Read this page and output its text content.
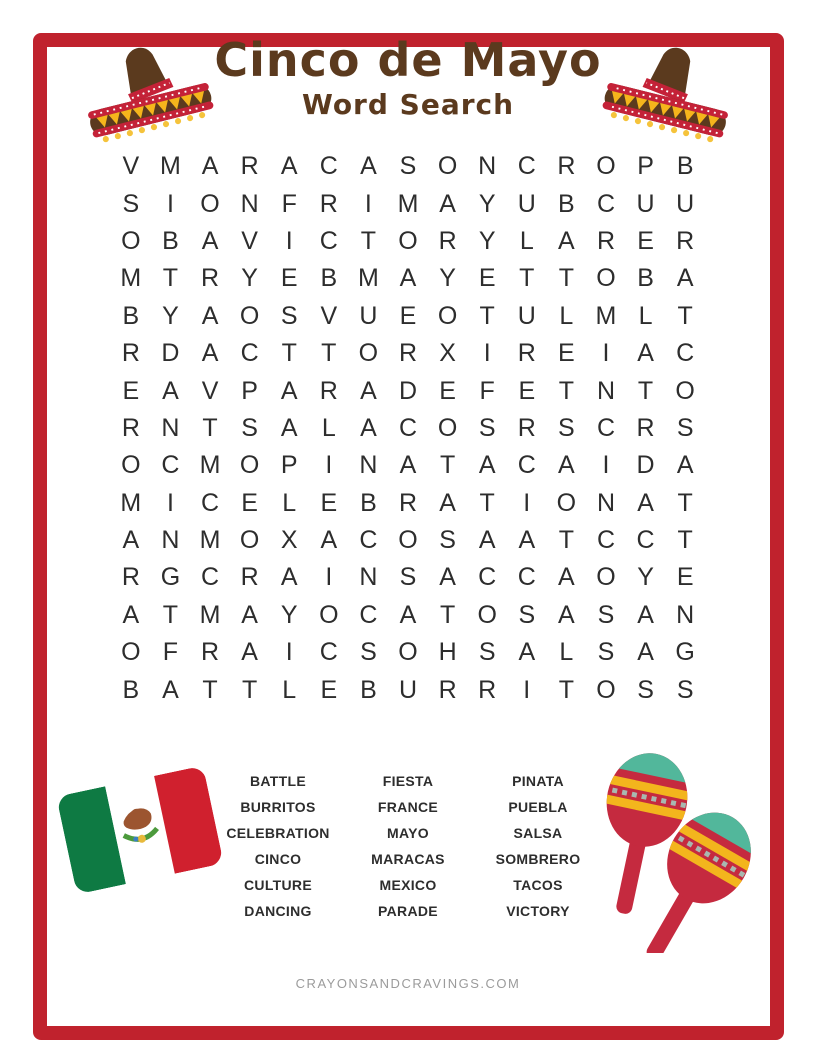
Cinco de Mayo
Word Search
V M A R A C A S O N C R O P B
S	I	O N F R	I	M A Y U B C U U
O B A V	I	C T O R Y L A R E R
M T R Y E B M A Y E T T O B A
B Y A O S V U E O T U L M L	T
R D A C T T O R X	I	R E	I	A C
E A V P A R A D E F E T N T O
R N T S A L A C O S R S C R S
O C M O P	I	N A T A C A	I	D A
M	I	C E L E B R A T	I	O N A T
A N M O X A C O S A A T C C T
R G C R A	I	N S A C C A O Y E
A T M A Y O C A T O S A S A N
O F R A	I	C S O H S A L S A G
B A T T	L E B U R R	I	T O S S
BATTLE
BURRITOS
CELEBRATION
CINCO
CULTURE
DANCING
FIESTA
FRANCE
MAYO
MARACAS
MEXICO
PARADE
PINATA
PUEBLA
SALSA
SOMBRERO
TACOS
VICTORY
CRAYONSANDCRAVINGS.COM
